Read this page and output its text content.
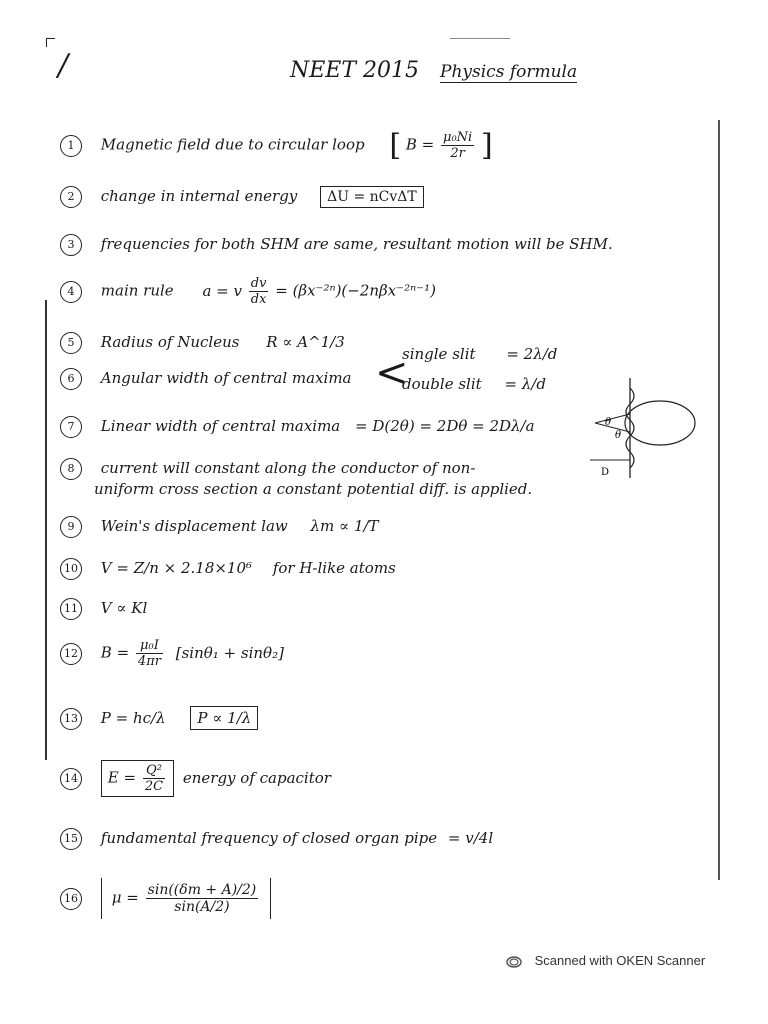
/	NEET 2015 Physics formula
1 Magnetic field due to circular loop [ $B = \frac{\text{μ₀Ni}}{2r}$ ]
2 change in internal energy ΔU = nCvΔT
3 frequencies for both SHM are same, resultant motion will be SHM.
4 main rule a = v $\frac{dv}{dx} = (\beta x^{-2n})(-2n\beta x^{-2n-1})$
5 Radius of Nucleus R ∝ A^1/3
6 Angular width of central maxima <
single slit = 2λ/d
double slit = λ/d
7 Linear width of central maxima = D(2θ) = 2Dθ = 2Dλ/a	θ
θ
D
8 current will constant along the conductor of non-
uniform cross section a constant potential diff. is applied.
9 Wein's displacement law λm ∝ 1/T
10 V = Z/n × 2.18×10⁶ for H-like atoms
11 V ∝ Kl
12 $B = \frac{\text{μ₀I}}{4\pi r} [\sin\theta_1 + \sin\theta_2]$
13 P = hc/λ P ∝ 1/λ
14 $E = \frac{\text{Q²}}{2C}$ energy of capacitor
15 fundamental frequency of closed organ pipe = v/4l
16 $\mu = \frac{\sin((\delta m + A)/2)}{\sin(A/2)}$
Scanned with OKEN Scanner
